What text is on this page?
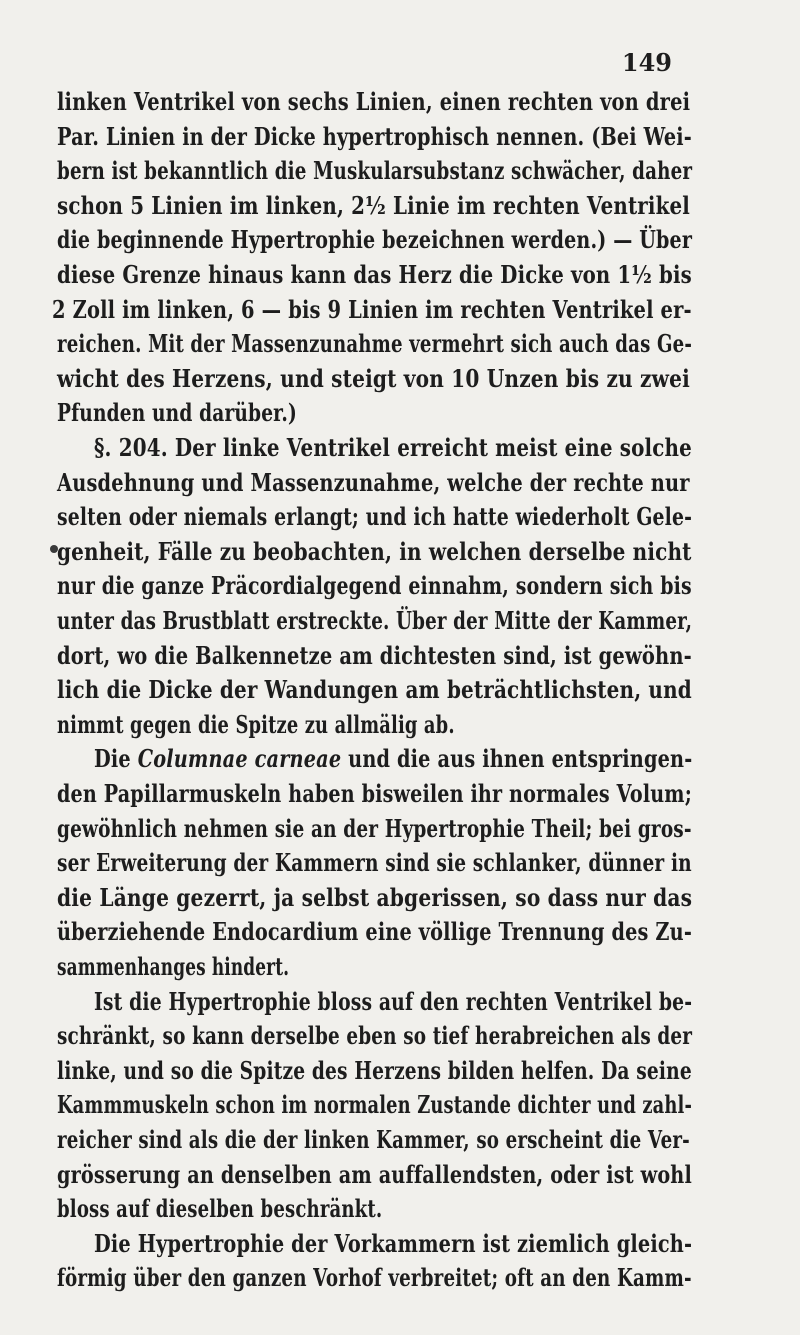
149
linken Ventrikel von sechs Linien, einen rechten von drei
Par. Linien in der Dicke hypertrophisch nennen. (Bei Wei-
bern ist bekanntlich die Muskularsubstanz schwächer, daher
schon 5 Linien im linken, 2½ Linie im rechten Ventrikel
die beginnende Hypertrophie bezeichnen werden.) — Über
diese Grenze hinaus kann das Herz die Dicke von 1½ bis
2 Zoll im linken, 6 — bis 9 Linien im rechten Ventrikel er-
reichen. Mit der Massenzunahme vermehrt sich auch das Ge-
wicht des Herzens, und steigt von 10 Unzen bis zu zwei
Pfunden und darüber.)
§. 204. Der linke Ventrikel erreicht meist eine solche
Ausdehnung und Massenzunahme, welche der rechte nur
selten oder niemals erlangt; und ich hatte wiederholt Gele-
genheit, Fälle zu beobachten, in welchen derselbe nicht
nur die ganze Präcordialgegend einnahm, sondern sich bis
unter das Brustblatt erstreckte. Über der Mitte der Kammer,
dort, wo die Balkennetze am dichtesten sind, ist gewöhn-
lich die Dicke der Wandungen am beträchtlichsten, und
nimmt gegen die Spitze zu allmälig ab.
Die Columnae carneae und die aus ihnen entspringen-
den Papillarmuskeln haben bisweilen ihr normales Volum;
gewöhnlich nehmen sie an der Hypertrophie Theil; bei gros-
ser Erweiterung der Kammern sind sie schlanker, dünner in
die Länge gezerrt, ja selbst abgerissen, so dass nur das
überziehende Endocardium eine völlige Trennung des Zu-
sammenhanges hindert.
Ist die Hypertrophie bloss auf den rechten Ventrikel be-
schränkt, so kann derselbe eben so tief herabreichen als der
linke, und so die Spitze des Herzens bilden helfen. Da seine
Kammmuskeln schon im normalen Zustande dichter und zahl-
reicher sind als die der linken Kammer, so erscheint die Ver-
grösserung an denselben am auffallendsten, oder ist wohl
bloss auf dieselben beschränkt.
Die Hypertrophie der Vorkammern ist ziemlich gleich-
förmig über den ganzen Vorhof verbreitet; oft an den Kamm-
